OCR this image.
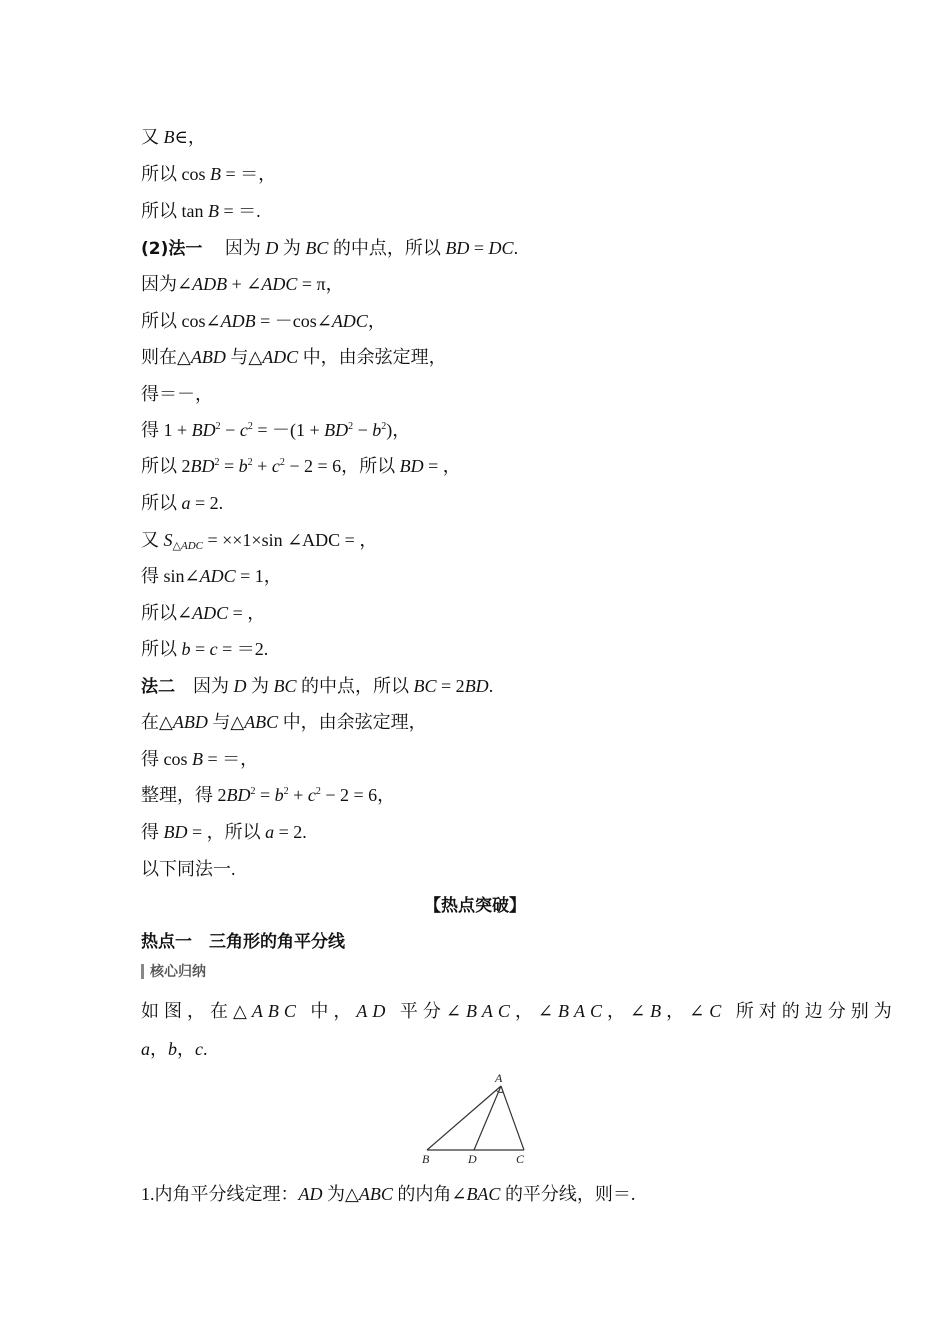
又 B∈，
所以 cos B = ＝，
所以 tan B = ＝.
(2)法一　 因为 D 为 BC 的中点，所以 BD = DC.
因为∠ADB + ∠ADC = π，
所以 cos∠ADB = －cos∠ADC，
则在△ABD 与△ADC 中，由余弦定理，
得＝－，
得 $1 + BD^2 - c^2 = -(1 + BD^2 - b^2)$，
所以 $2BD^2 = b^2 + c^2 - 2 = 6$，所以 BD = ，
所以 a = 2.
又 $S_{\triangle ADC} = \times\times 1\times\sin$ ∠ADC = ，
得 sin∠ADC = 1，
所以∠ADC = ，
所以 b = c = ＝2.
法二　因为 D 为 BC 的中点，所以 BC = 2BD.
在△ABD 与△ABC 中，由余弦定理，
得 cos B = ＝，
整理，得 $2BD^2 = b^2 + c^2 - 2 = 6$，
得 BD = ，所以 a = 2.
以下同法一.
【热点突破】
热点一　三角形的角平分线
核心归纳
如图，在△ABC 中，AD 平分∠BAC，∠BAC，∠B，∠C 所对的边分别为
a，b，c.
A
B	D	C
1.内角平分线定理：AD 为△ABC 的内角∠BAC 的平分线，则＝.
